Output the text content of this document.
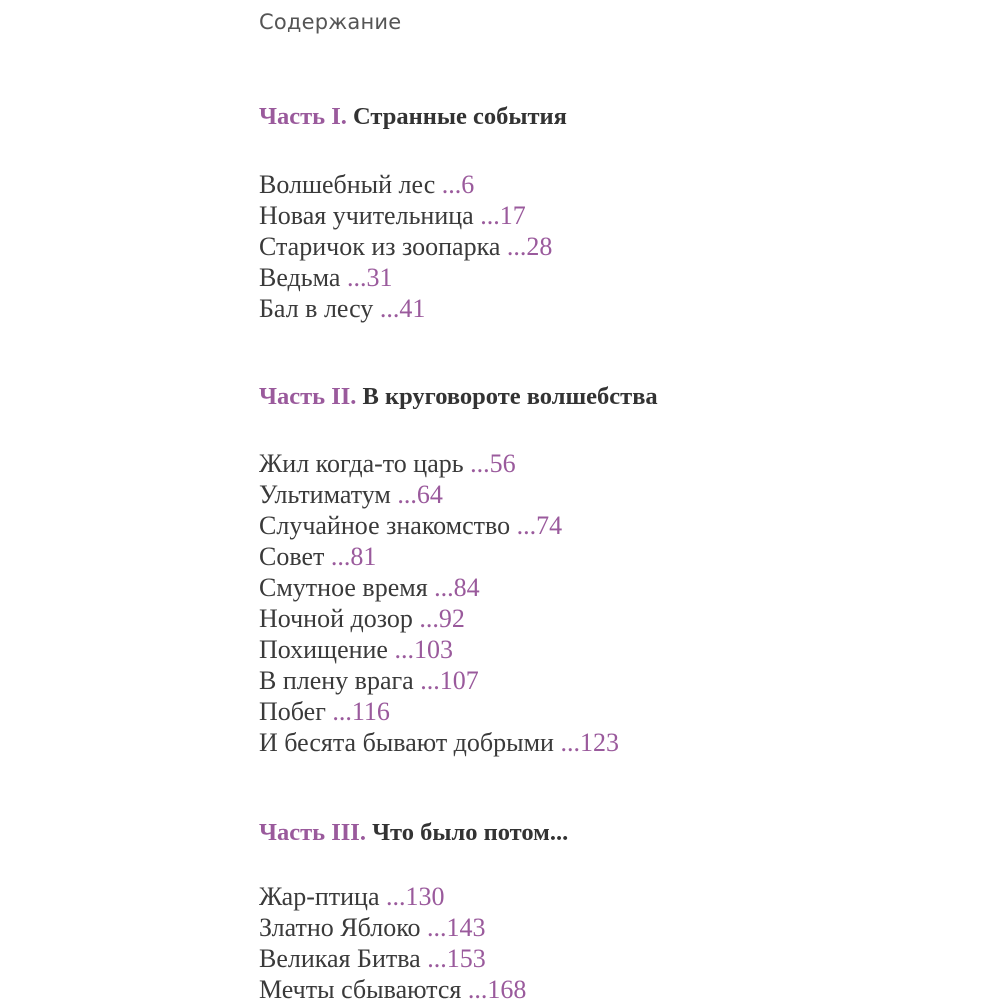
Содержание
Часть I. Странные события
Волшебный лес ...6
Новая учительница ...17
Старичок из зоопарка ...28
Ведьма ...31
Бал в лесу ...41
Часть II. В круговороте волшебства
Жил когда-то царь ...56
Ультиматум ...64
Случайное знакомство ...74
Совет ...81
Смутное время ...84
Ночной дозор ...92
Похищение ...103
В плену врага ...107
Побег ...116
И бесята бывают добрыми ...123
Часть III. Что было потом...
Жар-птица ...130
Златно Яблоко ...143
Великая Битва ...153
Мечты сбываются ...168
